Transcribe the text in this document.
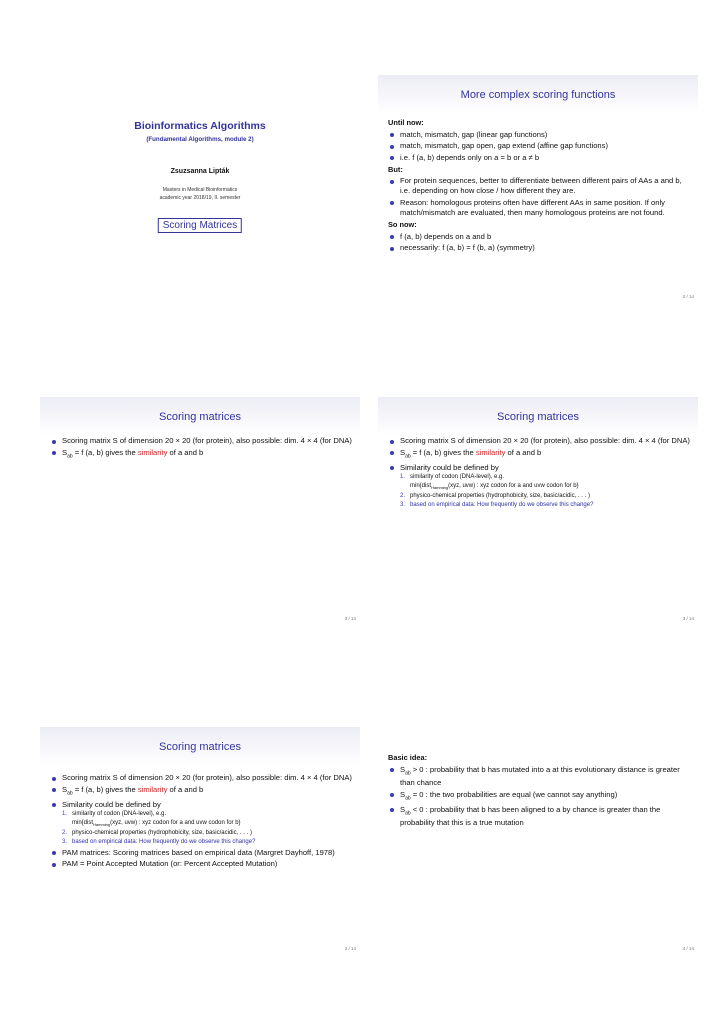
Bioinformatics Algorithms
(Fundamental Algorithms, module 2)
Zsuzsanna Lipták
Masters in Medical Bioinformatics
academic year 2018/19, II. semester
Scoring Matrices
More complex scoring functions
Until now:
match, mismatch, gap (linear gap functions)
match, mismatch, gap open, gap extend (affine gap functions)
i.e. f (a, b) depends only on a = b or a ≠ b
But:
For protein sequences, better to differentiate between different pairs of AAs a and b, i.e. depending on how close / how different they are.
Reason: homologous proteins often have different AAs in same position. If only match/mismatch are evaluated, then many homologous proteins are not found.
So now:
f (a, b) depends on a and b
necessarily: f (a, b) = f (b, a) (symmetry)
2 / 14
Scoring matrices
Scoring matrix S of dimension 20 × 20 (for protein), also possible: dim. 4 × 4 (for DNA)
$S_{ab} = f$ (a, b) gives the similarity of a and b
3 / 14
Scoring matrices
Scoring matrix S of dimension 20 × 20 (for protein), also possible: dim. 4 × 4 (for DNA)
$S_{ab} = f$ (a, b) gives the similarity of a and b
Similarity could be defined by
1. similarity of codon (DNA-level), e.g.
min{dist$_{Hamming}$(xyz, uvw) : xyz codon for a and uvw codon for b}
2. physico-chemical properties (hydrophobicity, size, basic/acidic, . . . )
3. based on empirical data: How frequently do we observe this change?
3 / 14
Scoring matrices
Scoring matrix S of dimension 20 × 20 (for protein), also possible: dim. 4 × 4 (for DNA)
$S_{ab} = f$ (a, b) gives the similarity of a and b
Similarity could be defined by
1. similarity of codon (DNA-level), e.g.
min{dist$_{Hamming}$(xyz, uvw) : xyz codon for a and uvw codon for b}
2. physico-chemical properties (hydrophobicity, size, basic/acidic, . . . )
3. based on empirical data: How frequently do we observe this change?
PAM matrices: Scoring matrices based on empirical data (Margret Dayhoff, 1978)
PAM = Point Accepted Mutation (or: Percent Accepted Mutation)
3 / 14
Basic idea:
$S_{ab} > 0$ : probability that b has mutated into a at this evolutionary distance is greater than chance
$S_{ab} = 0$ : the two probabilities are equal (we cannot say anything)
$S_{ab} < 0$ : probability that b has been aligned to a by chance is greater than the probability that this is a true mutation
4 / 14
